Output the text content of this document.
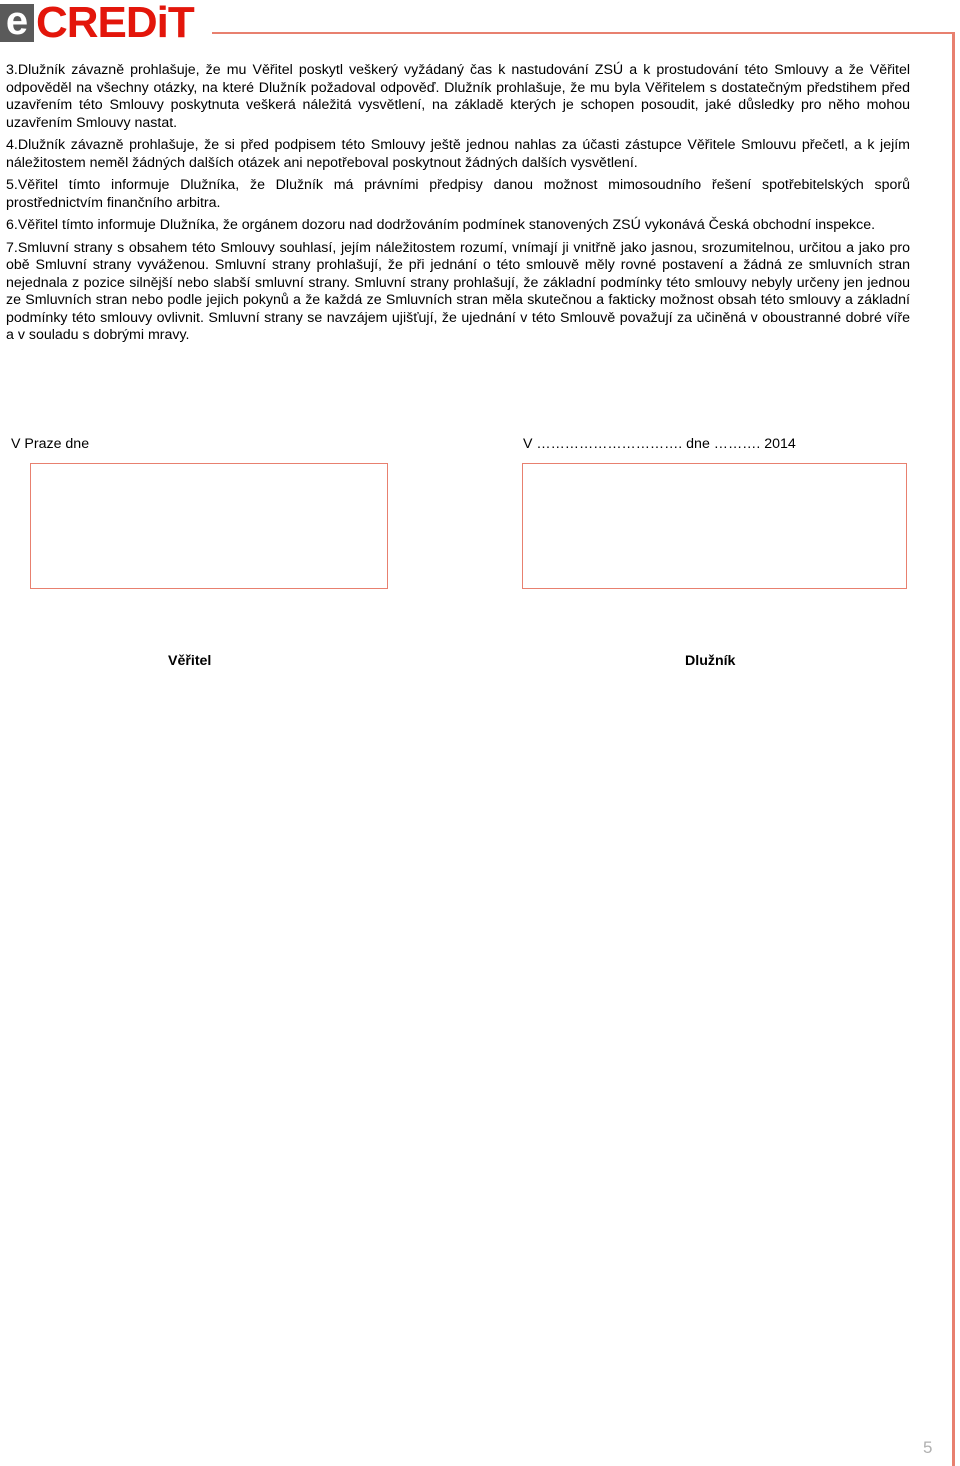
e CREDiT

3.Dlužník závazně prohlašuje, že mu Věřitel poskytl veškerý vyžádaný čas k nastudování ZSÚ a k prostudování této Smlouvy a že Věřitel odpověděl na všechny otázky, na které Dlužník požadoval odpověď. Dlužník prohlašuje, že mu byla Věřitelem s dostatečným předstihem před uzavřením této Smlouvy poskytnuta veškerá náležitá vysvětlení, na základě kterých je schopen posoudit, jaké důsledky pro něho mohou uzavřením Smlouvy nastat.

4.Dlužník závazně prohlašuje, že si před podpisem této Smlouvy ještě jednou nahlas za účasti zástupce Věřitele Smlouvu přečetl, a k jejím náležitostem neměl žádných dalších otázek ani nepotřeboval poskytnout žádných dalších vysvětlení.

5.Věřitel tímto informuje Dlužníka, že Dlužník má právními předpisy danou možnost mimosoudního řešení spotřebitelských sporů prostřednictvím finančního arbitra.

6.Věřitel tímto informuje Dlužníka, že orgánem dozoru nad dodržováním podmínek stanovených ZSÚ vykonává Česká obchodní inspekce.

7.Smluvní strany s obsahem této Smlouvy souhlasí, jejím náležitostem rozumí, vnímají ji vnitřně jako jasnou, srozumitelnou, určitou a jako pro obě Smluvní strany vyváženou. Smluvní strany prohlašují, že při jednání o této smlouvě měly rovné postavení a žádná ze smluvních stran nejednala z pozice silnější nebo slabší smluvní strany. Smluvní strany prohlašují, že základní podmínky této smlouvy nebyly určeny jen jednou ze Smluvních stran nebo podle jejich pokynů a že každá ze Smluvních stran měla skutečnou a fakticky možnost obsah této smlouvy a základní podmínky této smlouvy ovlivnit. Smluvní strany se navzájem ujišťují, že ujednání v této Smlouvě považují za učiněná v oboustranné dobré víře a v souladu s dobrými mravy.

V Praze dne	V …………………………. dne ………. 2014
Věřitel	Dlužník
5
